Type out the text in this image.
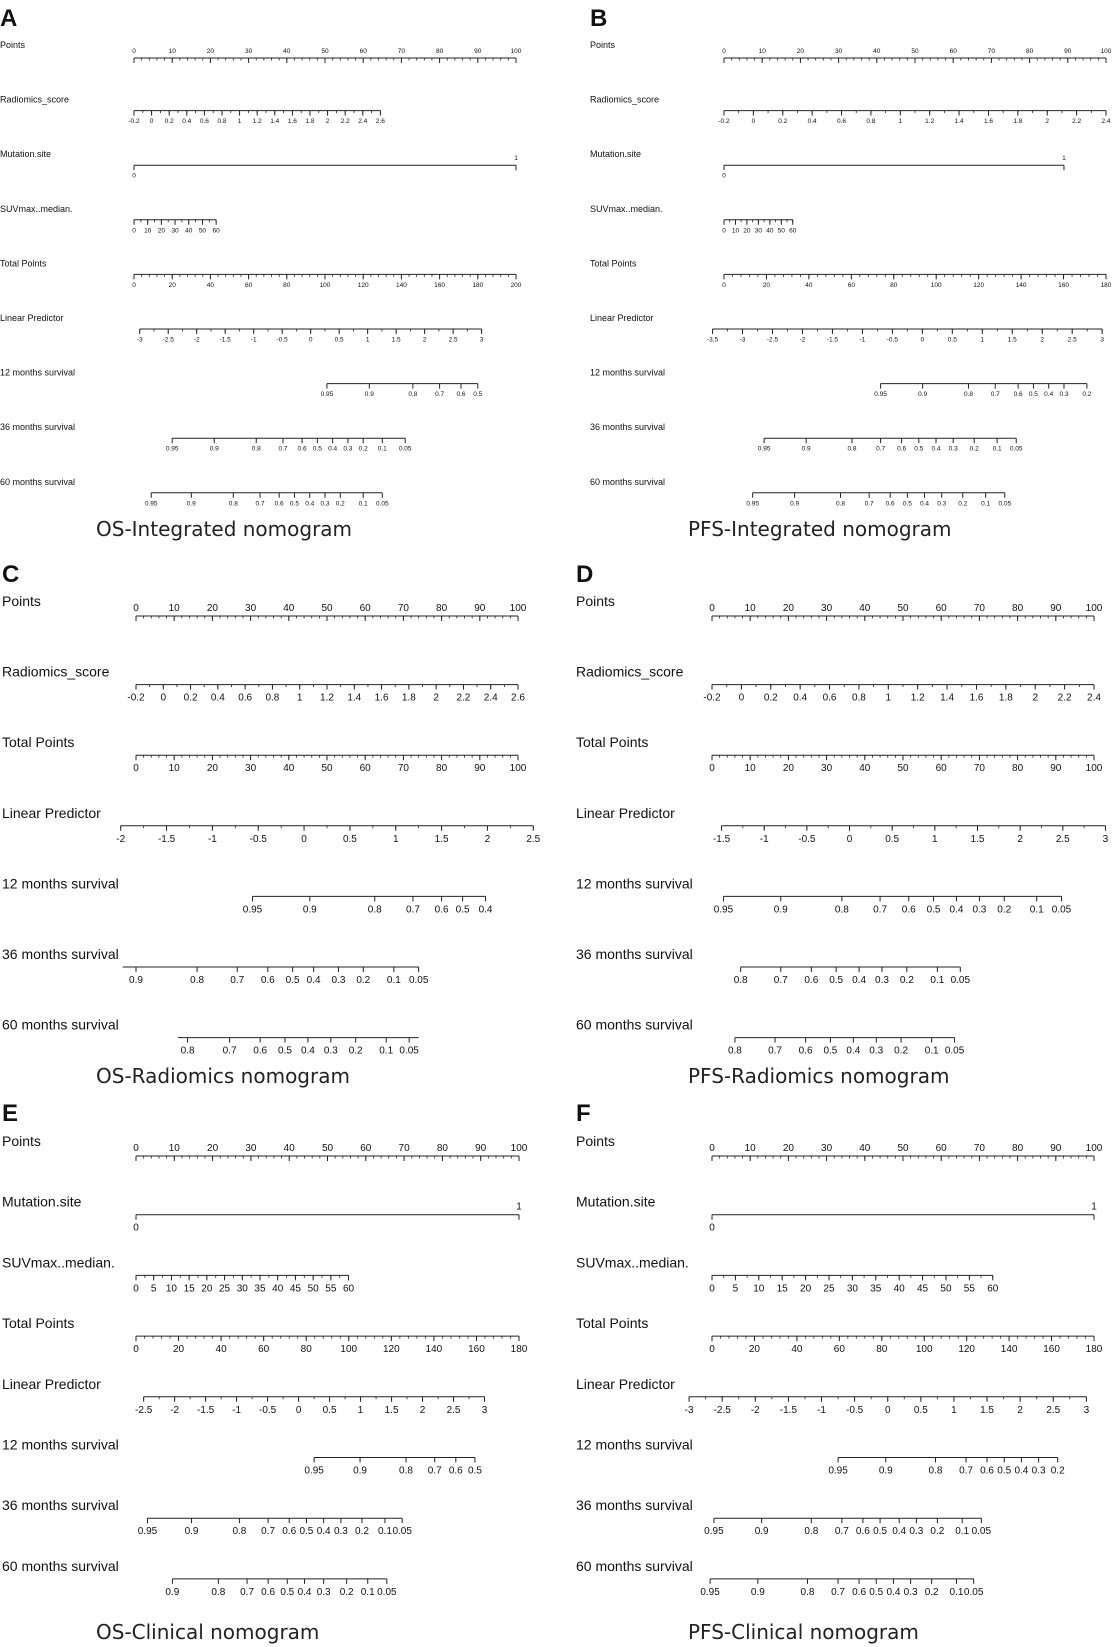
A
Points
0	10	20	30	40	50	60	70	80	90	100
Radiomics_score
-0.2 0 0.2 0.4 0.6 0.8 1 1.2 1.4 1.6 1.8 2 2.2 2.4 2.6
Mutation.site
0
1
SUVmax..median.
0 10 20 30 40 50 60
Total Points
0	20	40	60	80	100	120	140	160	180	200
Linear Predictor
-3	-2.5	-2	-1.5	-1	-0.5	0	0.5	1	1.5	2	2.5	3
12 months survival
0.95	0.9	0.8	0.7 0.6 0.5
36 months survival
0.95	0.9	0.8	0.7 0.6 0.5 0.4 0.3 0.2 0.1 0.05
60 months survival
0.95	0.9	0.8	0.7 0.6 0.5 0.4 0.3 0.2 0.1 0.05
OS-Integrated nomogram
B
Points
0	10	20	30	40	50	60	70	80	90	100
Radiomics_score
-0.2	0	0.2	0.4	0.6	0.8	1	1.2	1.4	1.6	1.8	2	2.2	2.4
Mutation.site
0
1
SUVmax..median.
0 10 20 30 40 50 60
Total Points
0	20	40	60	80	100	120	140	160	180
Linear Predictor
-3.5	-3	-2.5	-2	-1.5	-1	-0.5	0	0.5	1	1.5	2	2.5	3
12 months survival
0.95	0.9	0.8	0.7 0.6 0.5 0.4 0.3 0.2
36 months survival
0.95	0.9	0.8	0.7 0.6 0.5 0.4 0.3 0.2 0.1 0.05
60 months survival
0.95	0.9	0.8	0.7 0.6 0.5 0.4 0.3 0.2 0.1 0.05
PFS-Integrated nomogram
C
Points	0	10	20	30	40	50	60	70	80	90 100
Radiomics_score
-0.2 0 0.2 0.4 0.6 0.8 1 1.2 1.4 1.6 1.8 2 2.2 2.4 2.6
Total Points
0	10	20	30	40	50	60	70	80	90 100
Linear Predictor
-2	-1.5	-1	-0.5	0	0.5	1	1.5	2	2.5
12 months survival
0.95	0.9	0.8 0.7 0.6 0.5 0.4
36 months survival
0.9	0.8	0.7 0.6 0.5 0.4 0.3 0.2 0.1 0.05
60 months survival
0.8	0.7 0.6 0.5 0.4 0.3 0.2 0.1 0.05
OS-Radiomics nomogram
D
Points	0	10	20	30	40	50	60	70	80	90 100
Radiomics_score
-0.2 0 0.2 0.4 0.6 0.8 1 1.2 1.4 1.6 1.8 2 2.2 2.4
Total Points
0	10	20	30	40	50	60	70	80	90 100
Linear Predictor
-1.5	-1	-0.5	0	0.5	1	1.5	2	2.5	3
12 months survival
0.95	0.9	0.8 0.7 0.6 0.5 0.4 0.3 0.2 0.1 0.05
36 months survival
0.8	0.7 0.6 0.5 0.4 0.3 0.2 0.1 0.05
60 months survival
0.8	0.7 0.6 0.5 0.4 0.3 0.2 0.1 0.05
PFS-Radiomics nomogram
E
Points	0	10	20	30	40	50	60	70	80	90 100
Mutation.site
0
1
SUVmax..median.
0 5 10 15 20 25 30 35 40 45 50 55 60
Total Points
0	20	40	60	80	100	120	140	160	180
Linear Predictor
-2.5 -2 -1.5 -1 -0.5 0 0.5 1 1.5 2 2.5 3
12 months survival
0.95	0.9	0.8 0.7 0.6 0.5
36 months survival
0.95	0.9	0.8 0.7 0.6 0.5 0.4 0.3 0.2 0.1 0.05
60 months survival
0.9	0.8 0.7 0.6 0.5 0.4 0.3 0.2 0.1 0.05
OS-Clinical nomogram
F
Points	0	10	20	30	40	50	60	70	80	90 100
Mutation.site
0
1
SUVmax..median.
0 5 10 15 20 25 30 35 40 45 50 55 60
Total Points
0	20	40	60	80	100	120	140	160	180
Linear Predictor
-3 -2.5 -2 -1.5 -1 -0.5 0 0.5 1 1.5 2 2.5 3
12 months survival
0.95	0.9	0.8 0.7 0.6 0.5 0.4 0.3 0.2
36 months survival
0.95	0.9	0.8 0.7 0.6 0.5 0.4 0.3 0.2 0.1 0.05
60 months survival
0.95	0.9	0.8 0.7 0.6 0.5 0.4 0.3 0.2 0.1 0.05
PFS-Clinical nomogram
